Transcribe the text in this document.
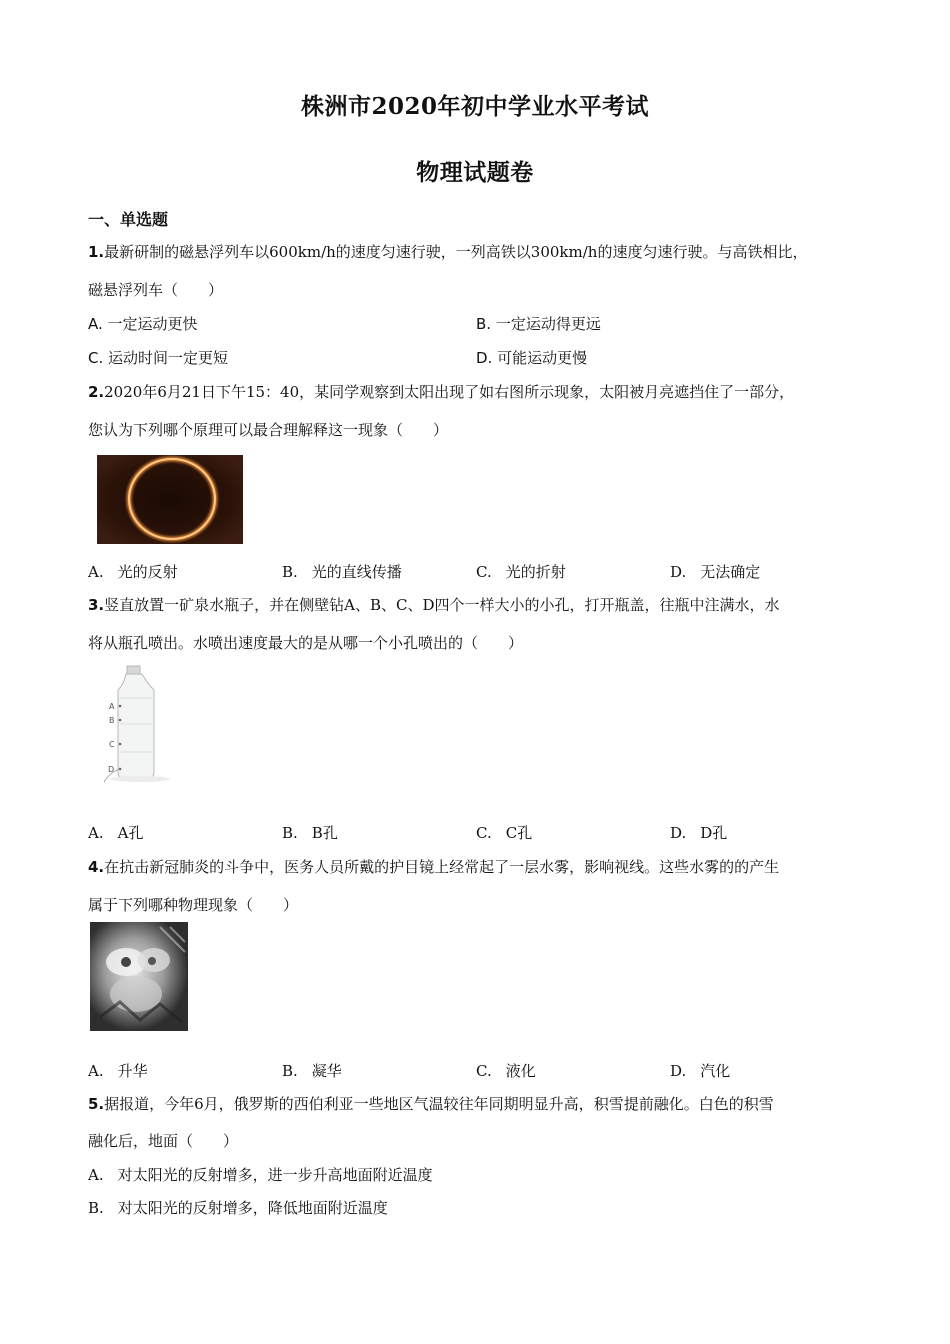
株洲市2020年初中学业水平考试
物理试题卷
一、单选题
1.最新研制的磁悬浮列车以600km/h的速度匀速行驶，一列高铁以300km/h的速度匀速行驶。与高铁相比，
磁悬浮列车（　　）
A. 一定运动更快	B. 一定运动得更远
C. 运动时间一定更短	D. 可能运动更慢
2.2020年6月21日下午15：40，某同学观察到太阳出现了如右图所示现象，太阳被月亮遮挡住了一部分，
您认为下列哪个原理可以最合理解释这一现象（　　）
A. 光的反射	B. 光的直线传播	C. 光的折射	D. 无法确定
3.竖直放置一矿泉水瓶子，并在侧壁钻A、B、C、D四个一样大小的小孔，打开瓶盖，往瓶中注满水，水
将从瓶孔喷出。水喷出速度最大的是从哪一个小孔喷出的（　　）
A
B
C
D
A. A孔	B. B孔	C. C孔	D. D孔
4.在抗击新冠肺炎的斗争中，医务人员所戴的护目镜上经常起了一层水雾，影响视线。这些水雾的的产生
属于下列哪种物理现象（　　）
A. 升华	B. 凝华	C. 液化	D. 汽化
5.据报道，今年6月，俄罗斯的西伯利亚一些地区气温较往年同期明显升高，积雪提前融化。白色的积雪
融化后，地面（　　）
A. 对太阳光的反射增多，进一步升高地面附近温度
B. 对太阳光的反射增多，降低地面附近温度
